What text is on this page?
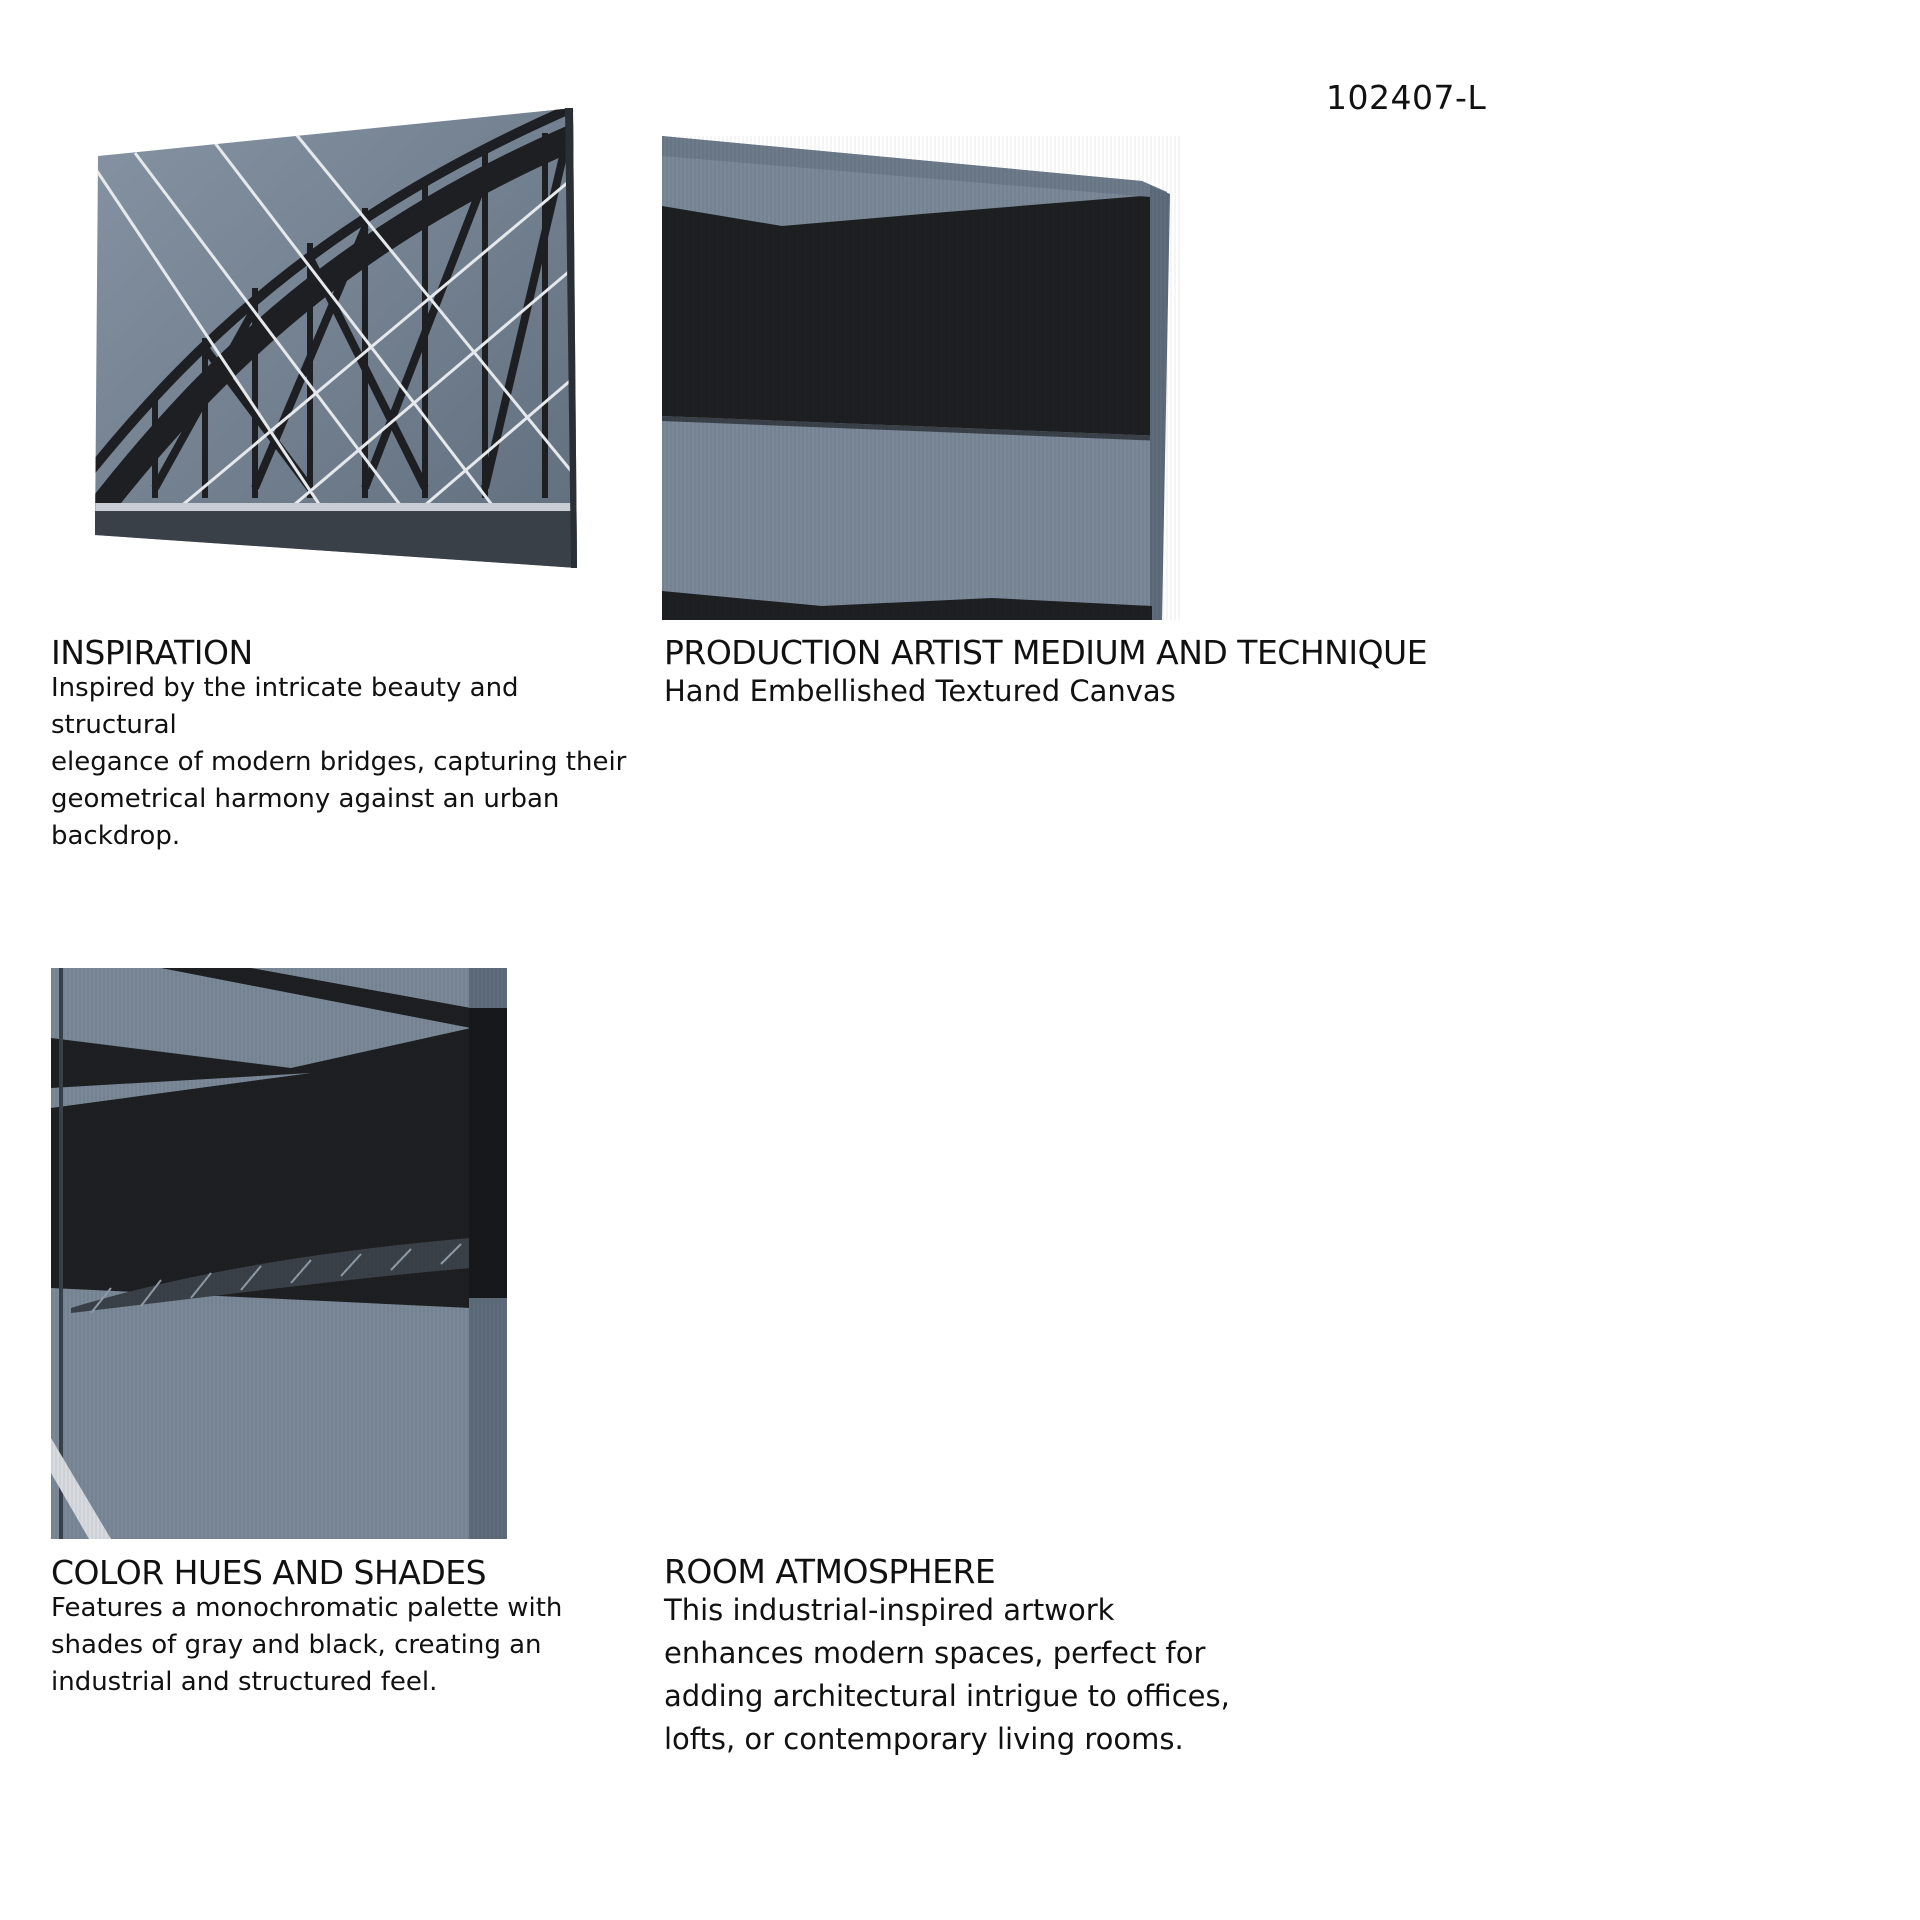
102407-L
INSPIRATION

Inspired by the intricate beauty and structural

elegance of modern bridges, capturing their

geometrical harmony against an urban

backdrop.

PRODUCTION ARTIST MEDIUM AND TECHNIQUE

Hand Embellished Textured Canvas

COLOR HUES AND SHADES

Features a monochromatic palette with

shades of gray and black, creating an

industrial and structured feel.

ROOM ATMOSPHERE

This industrial-inspired artwork

enhances modern spaces, perfect for

adding architectural intrigue to offices,

lofts, or contemporary living rooms.
